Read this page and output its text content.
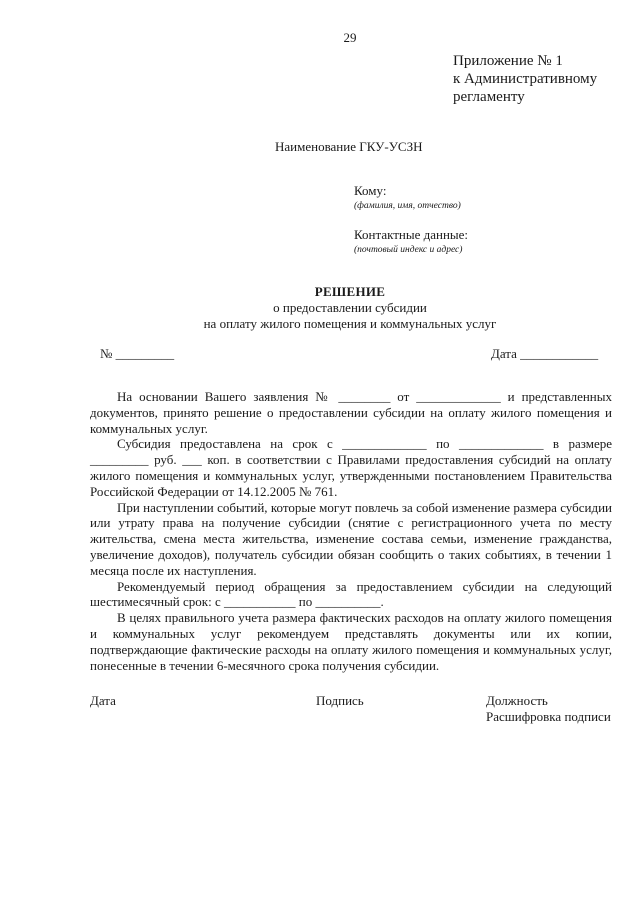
29
Приложение № 1
к Административному
регламенту
Наименование ГКУ-УСЗН
Кому:
(фамилия, имя, отчество)
Контактные данные:
(почтовый индекс и адрес)
РЕШЕНИЕ
о предоставлении субсидии
на оплату жилого помещения и коммунальных услуг
№ _________	Дата ____________

На основании Вашего заявления № ________ от _____________ и представленных документов, принято решение о предоставлении субсидии на оплату жилого помещения и коммунальных услуг.

Субсидия предоставлена на срок с _____________ по _____________ в размере _________ руб. ___ коп. в соответствии с Правилами предоставления субсидий на оплату жилого помещения и коммунальных услуг, утвержденными постановлением Правительства Российской Федерации от 14.12.2005 № 761.

При наступлении событий, которые могут повлечь за собой изменение размера субсидии или утрату права на получение субсидии (снятие с регистрационного учета по месту жительства, смена места жительства, изменение состава семьи, изменение гражданства, увеличение доходов), получатель субсидии обязан сообщить о таких событиях, в течении 1 месяца после их наступления.

Рекомендуемый период обращения за предоставлением субсидии на следующий шестимесячный срок: с ___________ по __________.

В целях правильного учета размера фактических расходов на оплату жилого помещения и коммунальных услуг рекомендуем представлять документы или их копии, подтверждающие фактические расходы на оплату жилого помещения и коммунальных услуг, понесенные в течении 6-месячного срока получения субсидии.

Дата	Подпись	Должность
Расшифровка подписи
